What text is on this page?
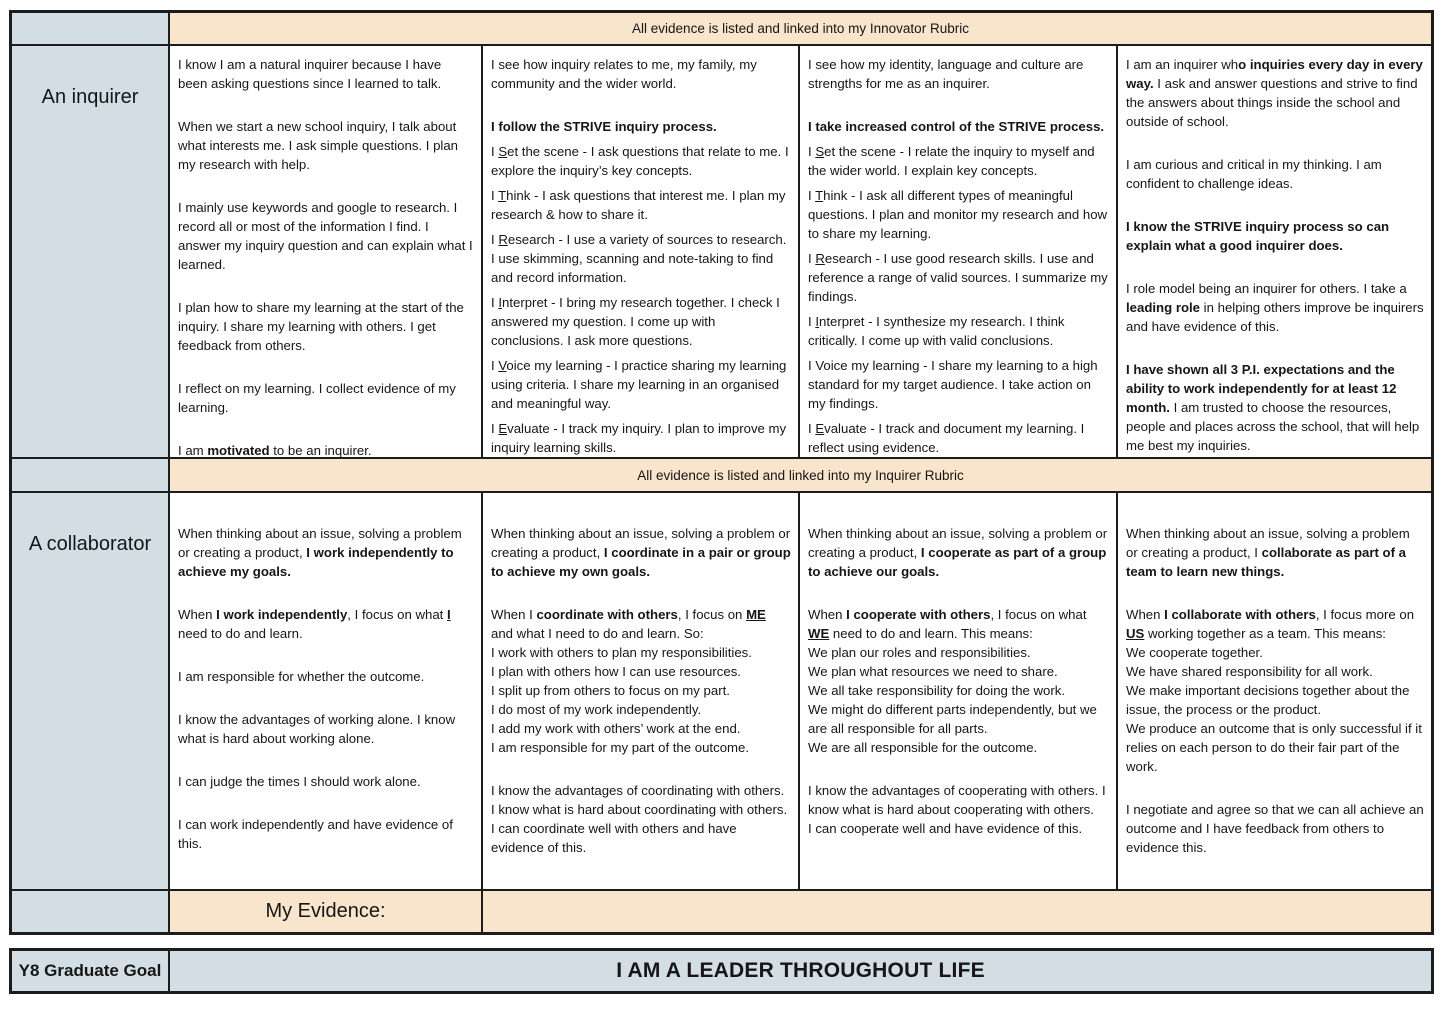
All evidence is listed and linked into my Innovator Rubric
An inquirer
I know I am a natural inquirer because I have been asking questions since I learned to talk.
When we start a new school inquiry, I talk about what interests me. I ask simple questions. I plan my research with help.
I mainly use keywords and google to research. I record all or most of the information I find. I answer my inquiry question and can explain what I learned.
I plan how to share my learning at the start of the inquiry. I share my learning with others. I get feedback from others.
I reflect on my learning. I collect evidence of my learning.
I am motivated to be an inquirer.
I see how inquiry relates to me, my family, my community and the wider world.
I follow the STRIVE inquiry process.
I Set the scene - I ask questions that relate to me. I explore the inquiry’s key concepts.
I Think - I ask questions that interest me. I plan my research & how to share it.
I Research - I use a variety of sources to research. I use skimming, scanning and note-taking to find and record information.
I Interpret - I bring my research together. I check I answered my question. I come up with conclusions. I ask more questions.
I Voice my learning - I practice sharing my learning using criteria. I share my learning in an organised and meaningful way.
I Evaluate - I track my inquiry. I plan to improve my inquiry learning skills.
I see how my identity, language and culture are strengths for me as an inquirer.
I take increased control of the STRIVE process.
I Set the scene - I relate the inquiry to myself and the wider world. I explain key concepts.
I Think - I ask all different types of meaningful questions. I plan and monitor my research and how to share my learning.
I Research - I use good research skills. I use and reference a range of valid sources. I summarize my findings.
I Interpret - I synthesize my research. I think critically. I come up with valid conclusions.
I Voice my learning - I share my learning to a high standard for my target audience. I take action on my findings.
I Evaluate - I track and document my learning. I reflect using evidence.
I am an inquirer who inquiries every day in every way. I ask and answer questions and strive to find the answers about things inside the school and outside of school.
I am curious and critical in my thinking. I am confident to challenge ideas.
I know the STRIVE inquiry process so can explain what a good inquirer does.
I role model being an inquirer for others. I take a leading role in helping others improve be inquirers and have evidence of this.
I have shown all 3 P.I. expectations and the ability to work independently for at least 12 month. I am trusted to choose the resources, people and places across the school, that will help me best my inquiries.
All evidence is listed and linked into my Inquirer Rubric
A collaborator	When thinking about an issue, solving a problem or creating a product, I work independently to achieve my goals.
When I work independently, I focus on what I need to do and learn.
I am responsible for whether the outcome.
I know the advantages of working alone. I know what is hard about working alone.
I can judge the times I should work alone.
I can work independently and have evidence of this.
When thinking about an issue, solving a problem or creating a product, I coordinate in a pair or group to achieve my own goals.
When I coordinate with others, I focus on ME and what I need to do and learn. So:
I work with others to plan my responsibilities.
I plan with others how I can use resources.
I split up from others to focus on my part.
I do most of my work independently.
I add my work with others’ work at the end.
I am responsible for my part of the outcome.
I know the advantages of coordinating with others. I know what is hard about coordinating with others. I can coordinate well with others and have evidence of this.
When thinking about an issue, solving a problem or creating a product, I cooperate as part of a group to achieve our goals.
When I cooperate with others, I focus on what WE need to do and learn. This means:
We plan our roles and responsibilities.
We plan what resources we need to share.
We all take responsibility for doing the work.
We might do different parts independently, but we are all responsible for all parts.
We are all responsible for the outcome.
I know the advantages of cooperating with others. I know what is hard about cooperating with others.
I can cooperate well and have evidence of this.
When thinking about an issue, solving a problem or creating a product, I collaborate as part of a team to learn new things.
When I collaborate with others, I focus more on US working together as a team. This means:
We cooperate together.
We have shared responsibility for all work.
We make important decisions together about the issue, the process or the product.
We produce an outcome that is only successful if it relies on each person to do their fair part of the work.
I negotiate and agree so that we can all achieve an outcome and I have feedback from others to evidence this.
My Evidence:
Y8 Graduate Goal	I AM A LEADER THROUGHOUT LIFE
